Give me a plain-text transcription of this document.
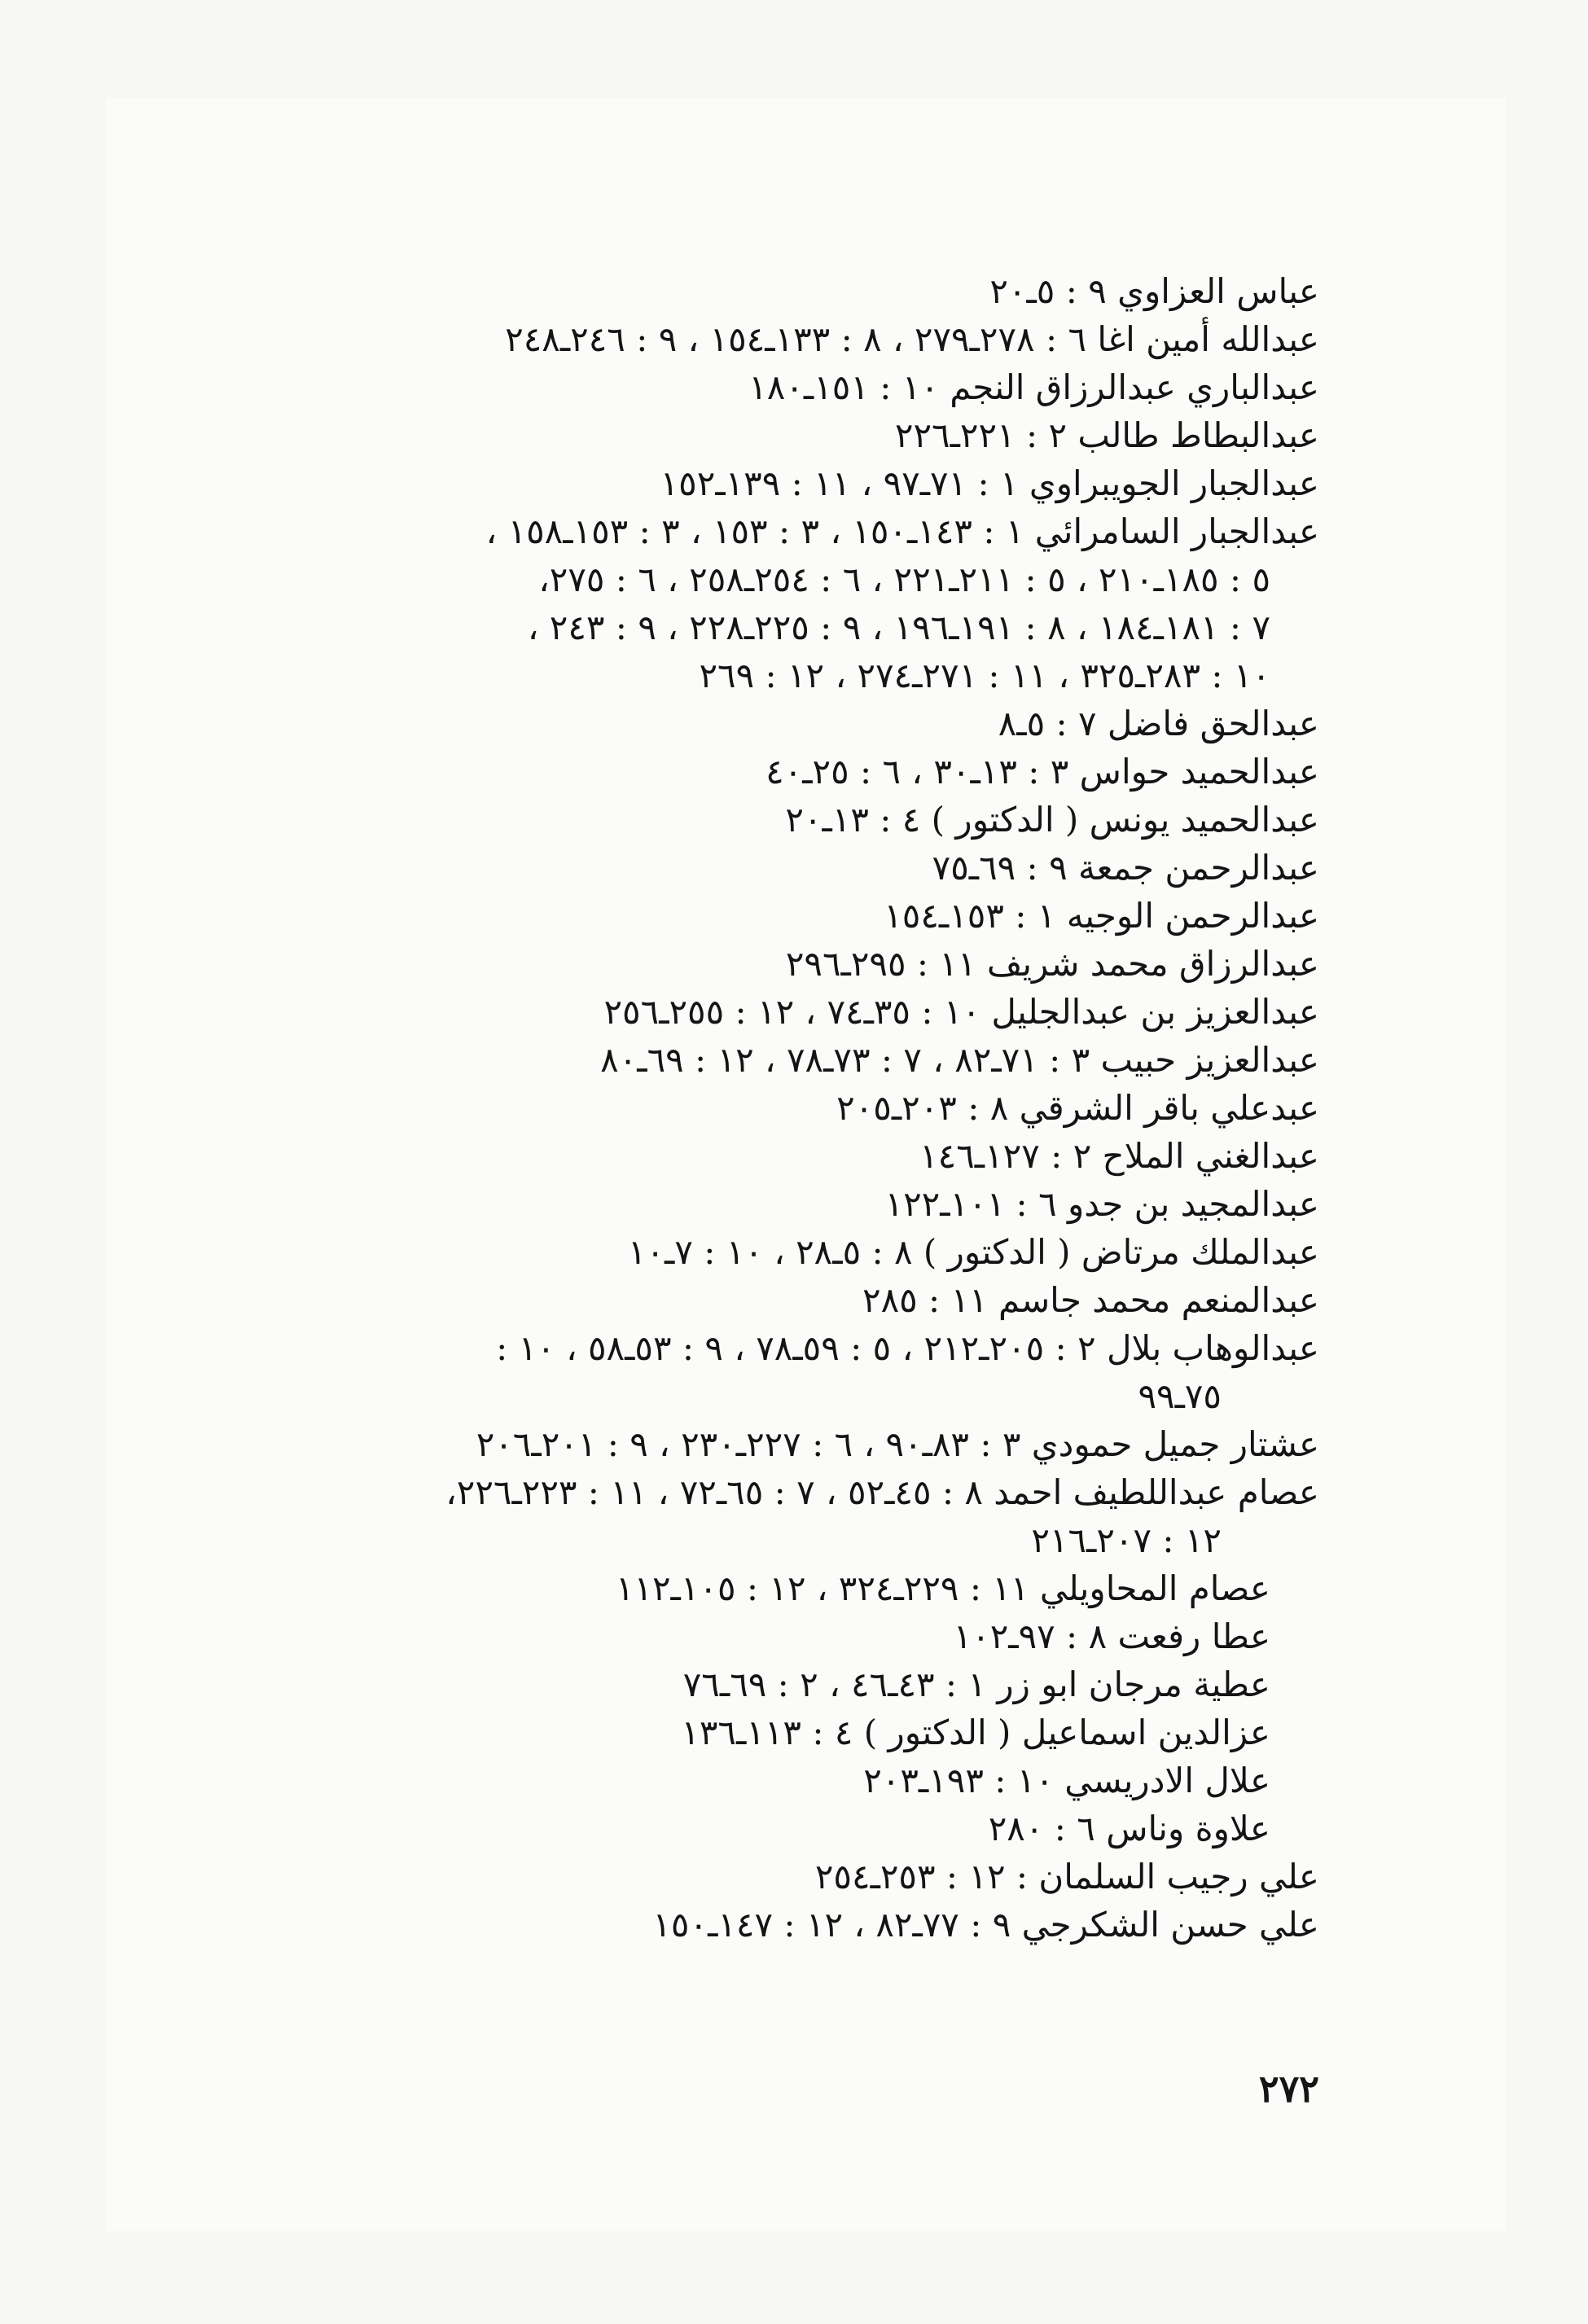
عباس العزاوي ٩ : ٥ـ٢٠
عبدالله أمين اغا ٦ : ٢٧٨ـ٢٧٩ ، ٨ : ١٣٣ـ١٥٤ ، ٩ : ٢٤٦ـ٢٤٨
عبدالباري عبدالرزاق النجم ١٠ : ١٥١ـ١٨٠
عبدالبطاط طالب ٢ : ٢٢١ـ٢٢٦
عبدالجبار الجويبراوي ١ : ٧١ـ٩٧ ، ١١ : ١٣٩ـ١٥٢
عبدالجبار السامرائي ١ : ١٤٣ـ١٥٠ ، ٣ : ١٥٣ ، ٣ : ١٥٣ـ١٥٨ ،
٥ : ١٨٥ـ٢١٠ ، ٥ : ٢١١ـ٢٢١ ، ٦ : ٢٥٤ـ٢٥٨ ، ٦ : ٢٧٥،
٧ : ١٨١ـ١٨٤ ، ٨ : ١٩١ـ١٩٦ ، ٩ : ٢٢٥ـ٢٢٨ ، ٩ : ٢٤٣ ،
١٠ : ٢٨٣ـ٣٢٥ ، ١١ : ٢٧١ـ٢٧٤ ، ١٢ : ٢٦٩
عبدالحق فاضل ٧ : ٥ـ٨
عبدالحميد حواس ٣ : ١٣ـ٣٠ ، ٦ : ٢٥ـ٤٠
عبدالحميد يونس ( الدكتور ) ٤ : ١٣ـ٢٠
عبدالرحمن جمعة ٩ : ٦٩ـ٧٥
عبدالرحمن الوجيه ١ : ١٥٣ـ١٥٤
عبدالرزاق محمد شريف ١١ : ٢٩٥ـ٢٩٦
عبدالعزيز بن عبدالجليل ١٠ : ٣٥ـ٧٤ ، ١٢ : ٢٥٥ـ٢٥٦
عبدالعزيز حبيب ٣ : ٧١ـ٨٢ ، ٧ : ٧٣ـ٧٨ ، ١٢ : ٦٩ـ٨٠
عبدعلي باقر الشرقي ٨ : ٢٠٣ـ٢٠٥
عبدالغني الملاح ٢ : ١٢٧ـ١٤٦
عبدالمجيد بن جدو ٦ : ١٠١ـ١٢٢
عبدالملك مرتاض ( الدكتور ) ٨ : ٥ـ٢٨ ، ١٠ : ٧ـ١٠
عبدالمنعم محمد جاسم ١١ : ٢٨٥
عبدالوهاب بلال ٢ : ٢٠٥ـ٢١٢ ، ٥ : ٥٩ـ٧٨ ، ٩ : ٥٣ـ٥٨ ، ١٠ :
٧٥ـ٩٩
عشتار جميل حمودي ٣ : ٨٣ـ٩٠ ، ٦ : ٢٢٧ـ٢٣٠ ، ٩ : ٢٠١ـ٢٠٦
عصام عبداللطيف احمد ٨ : ٤٥ـ٥٢ ، ٧ : ٦٥ـ٧٢ ، ١١ : ٢٢٣ـ٢٢٦،
١٢ : ٢٠٧ـ٢١٦
عصام المحاويلي ١١ : ٢٢٩ـ٣٢٤ ، ١٢ : ١٠٥ـ١١٢
عطا رفعت ٨ : ٩٧ـ١٠٢
عطية مرجان ابو زر ١ : ٤٣ـ٤٦ ، ٢ : ٦٩ـ٧٦
عزالدين اسماعيل ( الدكتور ) ٤ : ١١٣ـ١٣٦
علال الادريسي ١٠ : ١٩٣ـ٢٠٣
علاوة وناس ٦ : ٢٨٠
علي رجيب السلمان : ١٢ : ٢٥٣ـ٢٥٤
علي حسن الشكرجي ٩ : ٧٧ـ٨٢ ، ١٢ : ١٤٧ـ١٥٠
٢٧٢
